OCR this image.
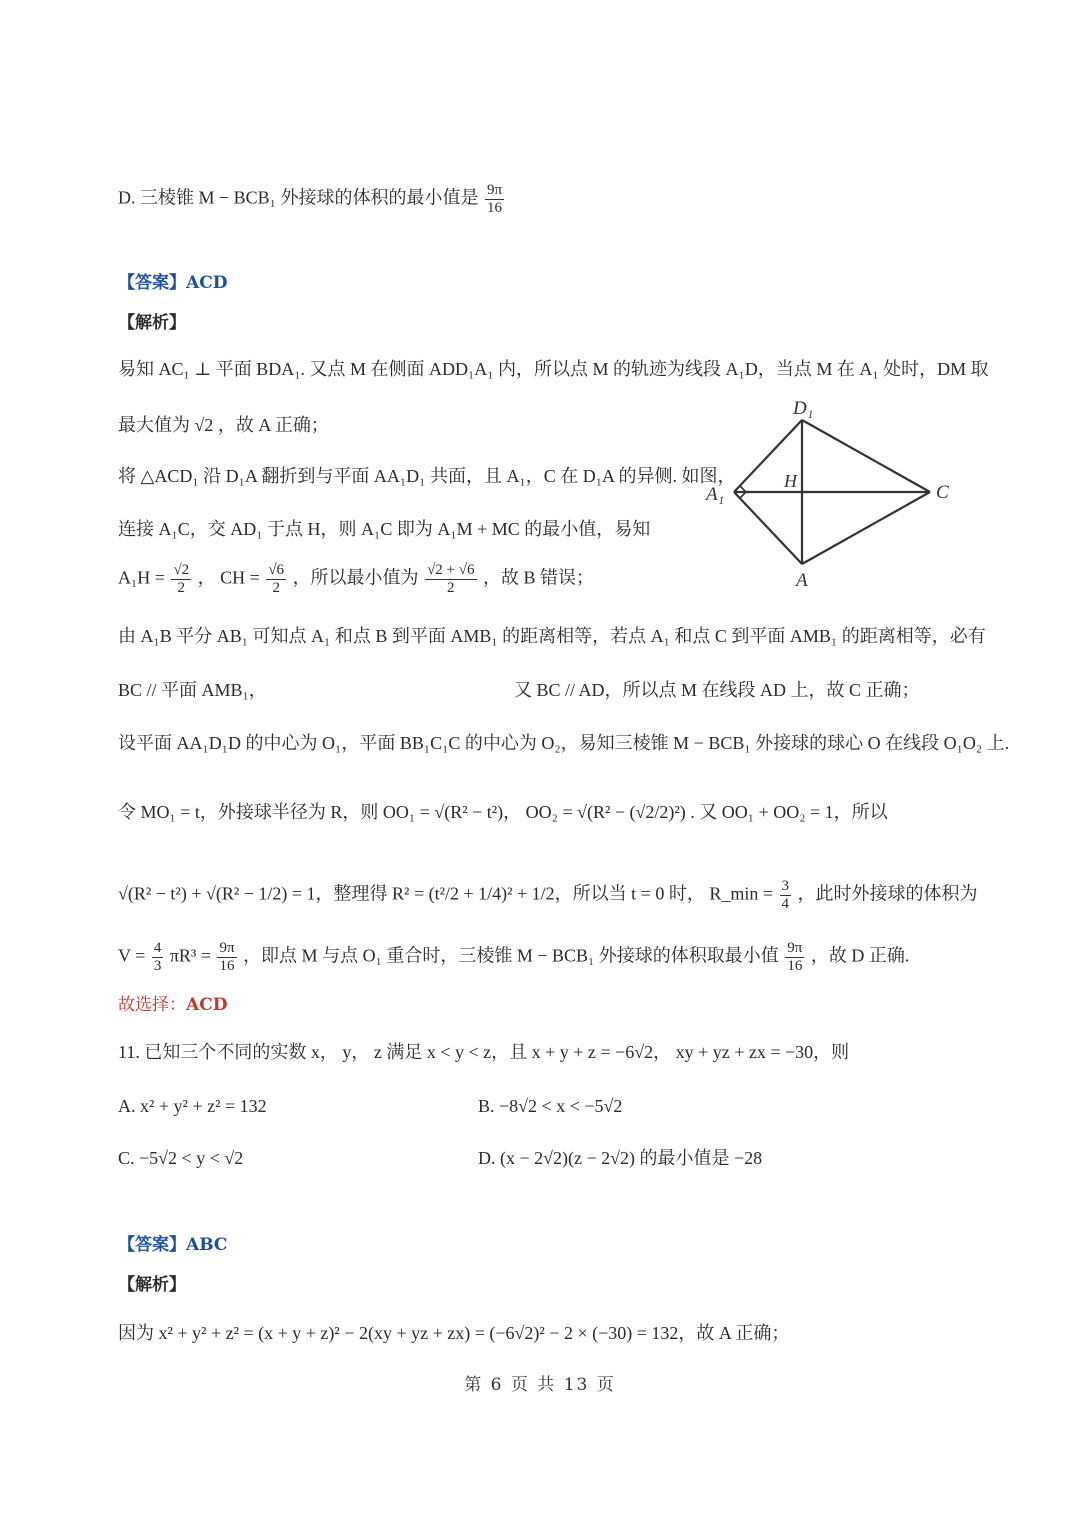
D. 三棱锥 M − BCB₁ 外接球的体积的最小值是 $\frac{9\pi}{16}$
【答案】ACD
【解析】
易知 AC₁ ⊥ 平面 BDA₁. 又点 M 在侧面 ADD₁A₁ 内，所以点 M 的轨迹为线段 A₁D，当点 M 在 A₁ 处时，DM 取
最大值为 √2 ，故 A 正确；
将 △ACD₁ 沿 D₁A 翻折到与平面 AA₁D₁ 共面，且 A₁，C 在 D₁A 的异侧. 如图，
连接 A₁C，交 AD₁ 于点 H，则 A₁C 即为 A₁M + MC 的最小值，易知
$A_1H = \frac{√2}{2}$ ， CH = $\frac{√6}{2}$ ，所以最小值为 $\frac{√2 + √6}{2}$ ，故 B 错误；
D₁
A₁
H
C
A
由 A₁B 平分 AB₁ 可知点 A₁ 和点 B 到平面 AMB₁ 的距离相等，若点 A₁ 和点 C 到平面 AMB₁ 的距离相等，必有
BC // 平面 AMB₁，	又 BC // AD，所以点 M 在线段 AD 上，故 C 正确；
设平面 AA₁D₁D 的中心为 O₁，平面 BB₁C₁C 的中心为 O₂，易知三棱锥 M − BCB₁ 外接球的球心 O 在线段 O₁O₂ 上.
令 MO₁ = t，外接球半径为 R，则 OO₁ = √(R² − t²)， OO₂ = √(R² − (√2/2)²) . 又 OO₁ + OO₂ = 1，所以
√(R² − t²) + √(R² − 1/2) = 1，整理得 R² = (t²/2 + 1/4)² + 1/2，所以当 t = 0 时， R_min = $\frac{3}{4}$ ，此时外接球的体积为
$V = \frac{4}{3} \pi R^3 = \frac{9\pi}{16}$ ，即点 M 与点 O₁ 重合时，三棱锥 M − BCB₁ 外接球的体积取最小值 $\frac{9\pi}{16}$ ，故 D 正确.
故选择：ACD
11. 已知三个不同的实数 x， y， z 满足 x < y < z，且 x + y + z = −6√2， xy + yz + zx = −30，则
A. x² + y² + z² = 132	B. −8√2 < x < −5√2
C. −5√2 < y < √2	D. (x − 2√2)(z − 2√2) 的最小值是 −28
【答案】ABC
【解析】
因为 x² + y² + z² = (x + y + z)² − 2(xy + yz + zx) = (−6√2)² − 2 × (−30) = 132，故 A 正确；
第 6 页 共 13 页
